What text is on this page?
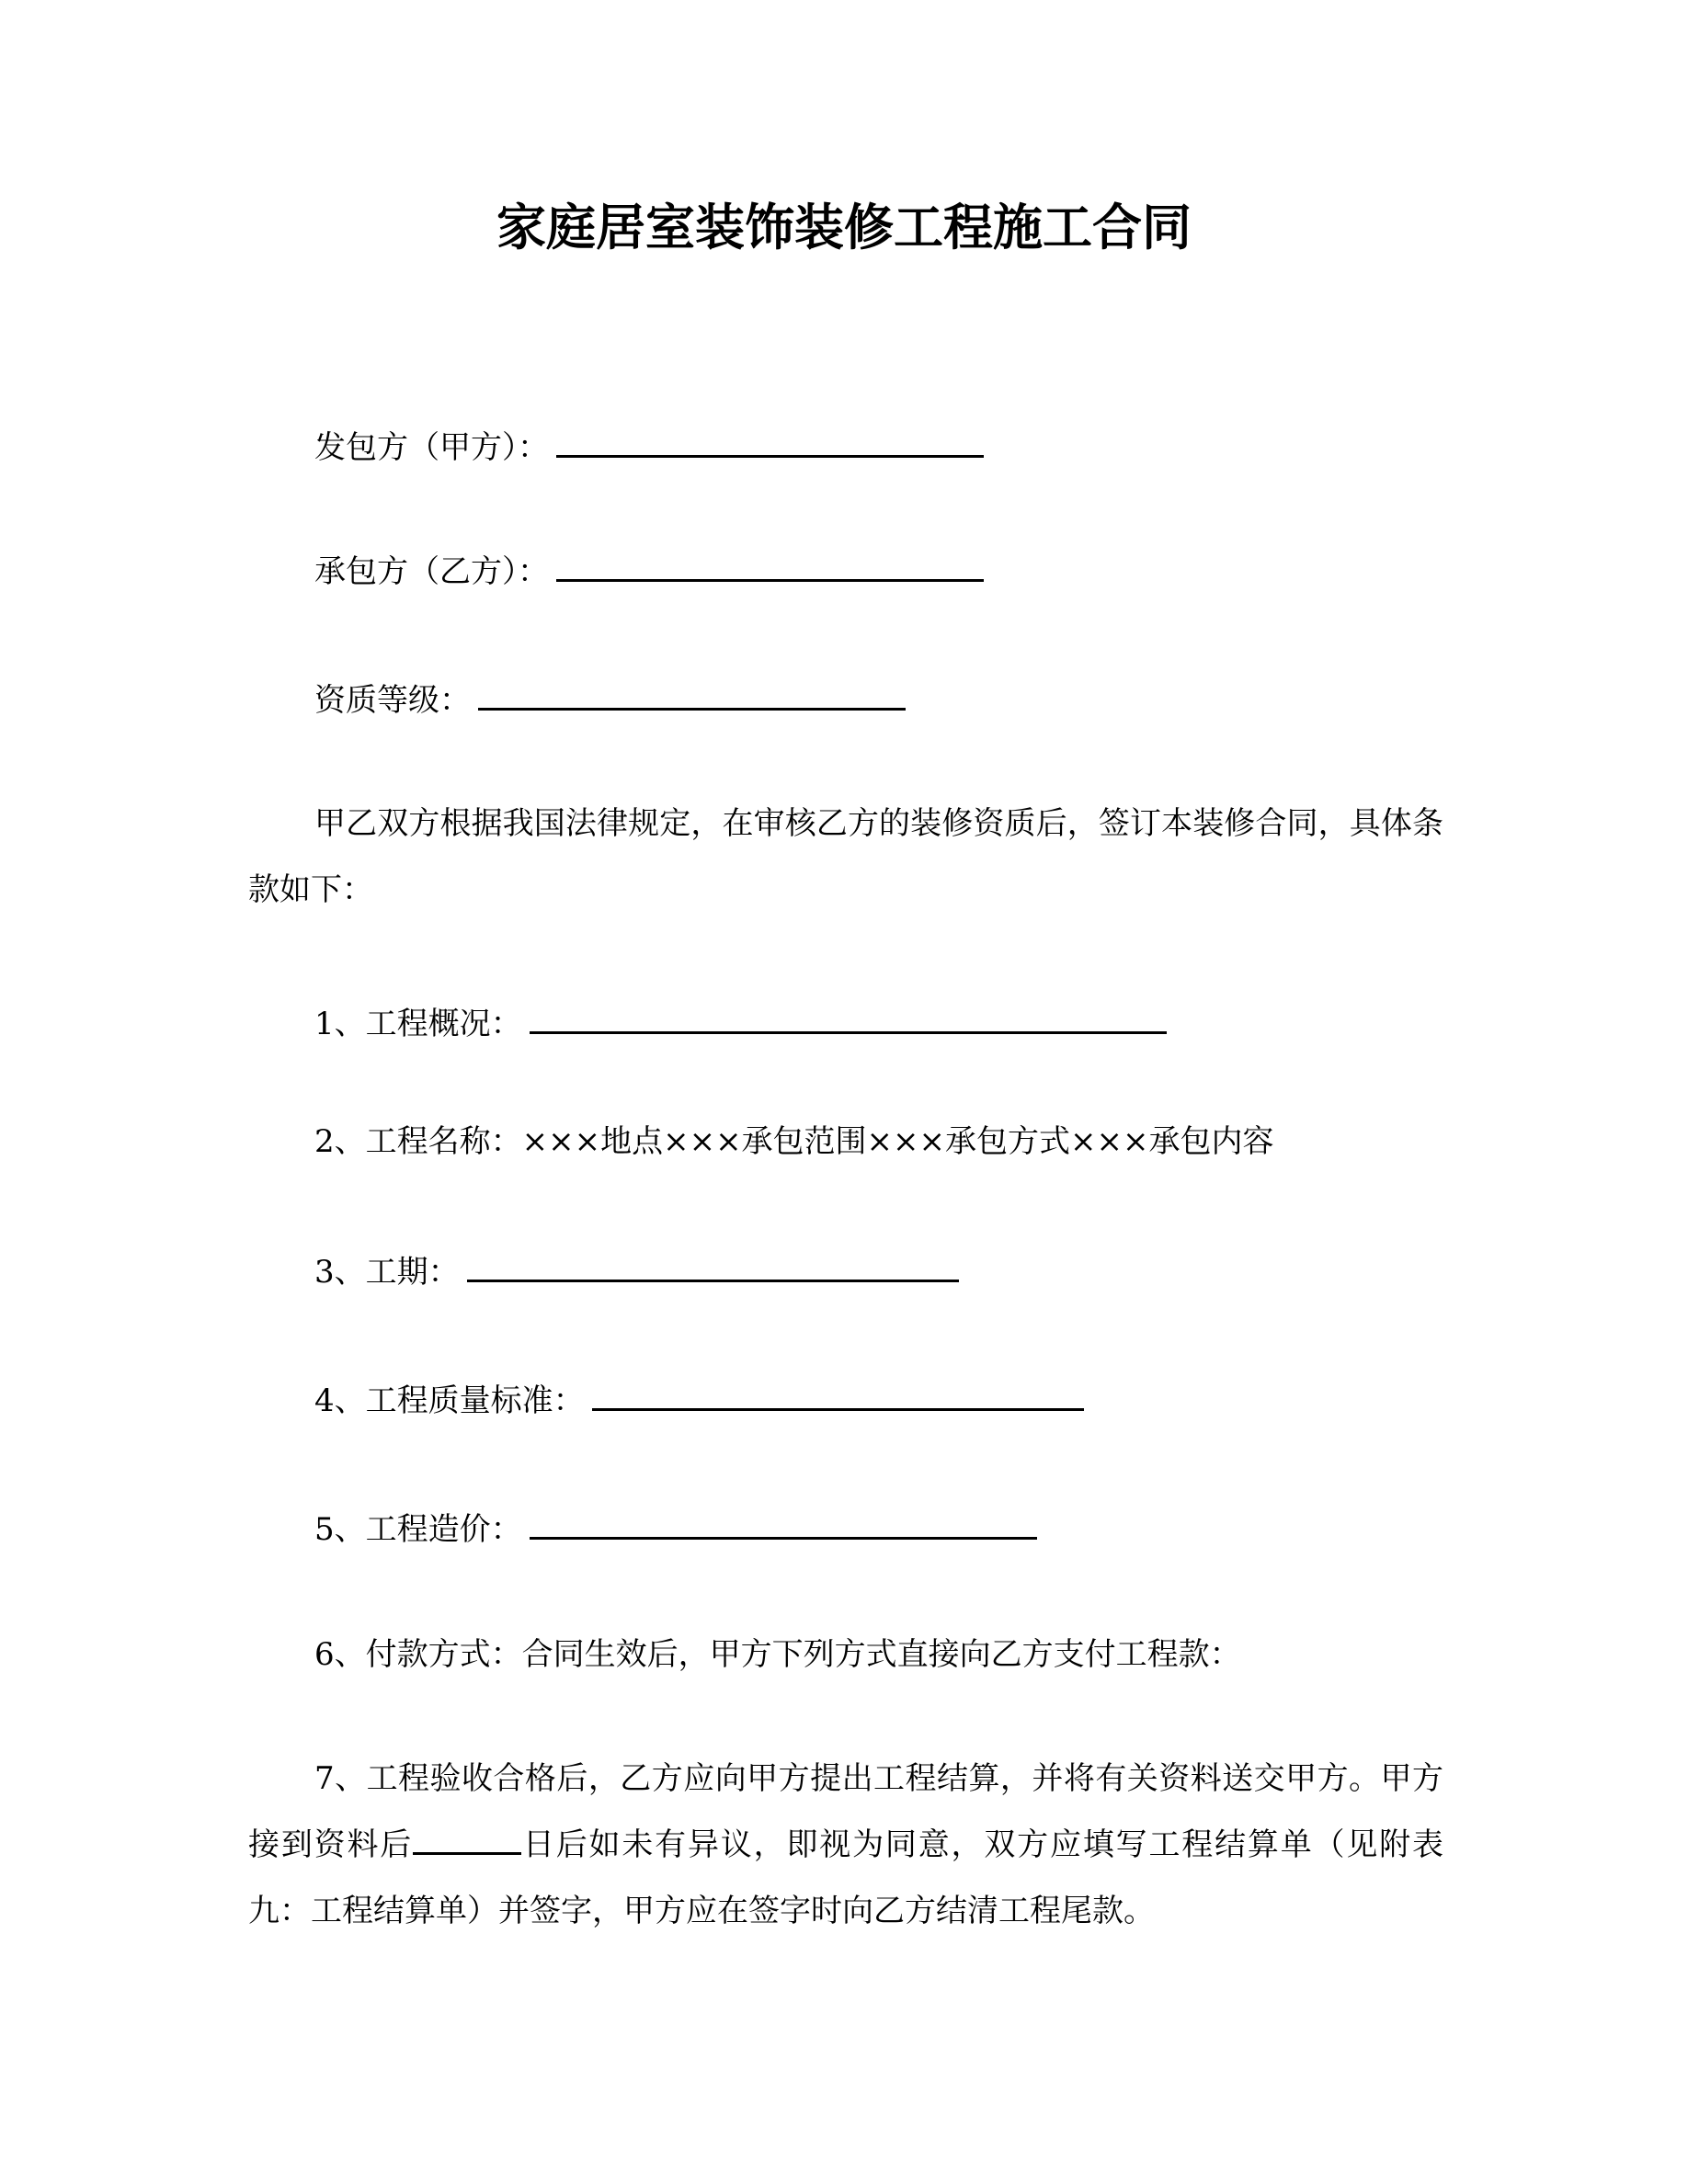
家庭居室装饰装修工程施工合同
发包方（甲方）：
承包方（乙方）：
资质等级：
甲乙双方根据我国法律规定，在审核乙方的装修资质后，签订本装修合同，具体条款如下：
1、工程概况：
2、工程名称：×××地点×××承包范围×××承包方式×××承包内容
3、工期：
4、工程质量标准：
5、工程造价：
6、付款方式：合同生效后，甲方下列方式直接向乙方支付工程款：
7、工程验收合格后，乙方应向甲方提出工程结算，并将有关资料送交甲方。甲方接到资料后	日后如未有异议，即视为同意，双方应填写工程结算单（见附表九：工程结算单）并签字，甲方应在签字时向乙方结清工程尾款。
